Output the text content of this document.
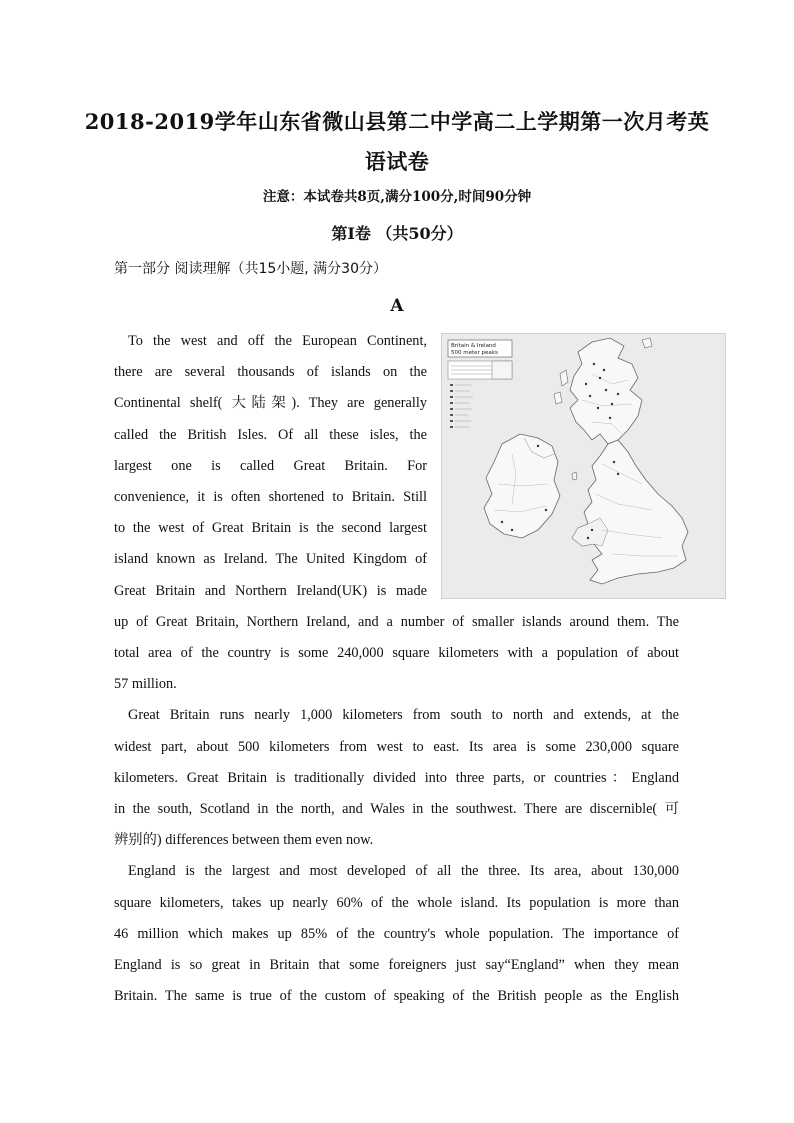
2018-2019学年山东省微山县第二中学高二上学期第一次月考英
语试卷
注意：本试卷共8页,满分100分,时间90分钟
第I卷 （共50分）
第一部分 阅读理解（共15小题, 满分30分）
A
Britain & Ireland
500 meter peaks
To the west and off the European Continent,
there are several thousands of islands on the
Continental shelf( 大陆架). They are generally
called the British Isles. Of all these isles, the
largest one is called Great Britain. For
convenience, it is often shortened to Britain. Still
to the west of Great Britain is the second largest
island known as Ireland. The United Kingdom of
Great Britain and Northern Ireland(UK) is made
up of Great Britain, Northern Ireland, and a number of smaller islands around them. The
total area of the country is some 240,000 square kilometers with a population of about
57 million.
Great Britain runs nearly 1,000 kilometers from south to north and extends, at the
widest part, about 500 kilometers from west to east. Its area is some 230,000 square
kilometers. Great Britain is traditionally divided into three parts, or countries：England
in the south, Scotland in the north, and Wales in the southwest. There are discernible( 可
辨别的) differences between them even now.
England is the largest and most developed of all the three. Its area, about 130,000
square kilometers, takes up nearly 60% of the whole island. Its population is more than
46 million which makes up 85% of the country's whole population. The importance of
England is so great in Britain that some foreigners just say“England” when they mean
Britain. The same is true of the custom of speaking of the British people as the English
